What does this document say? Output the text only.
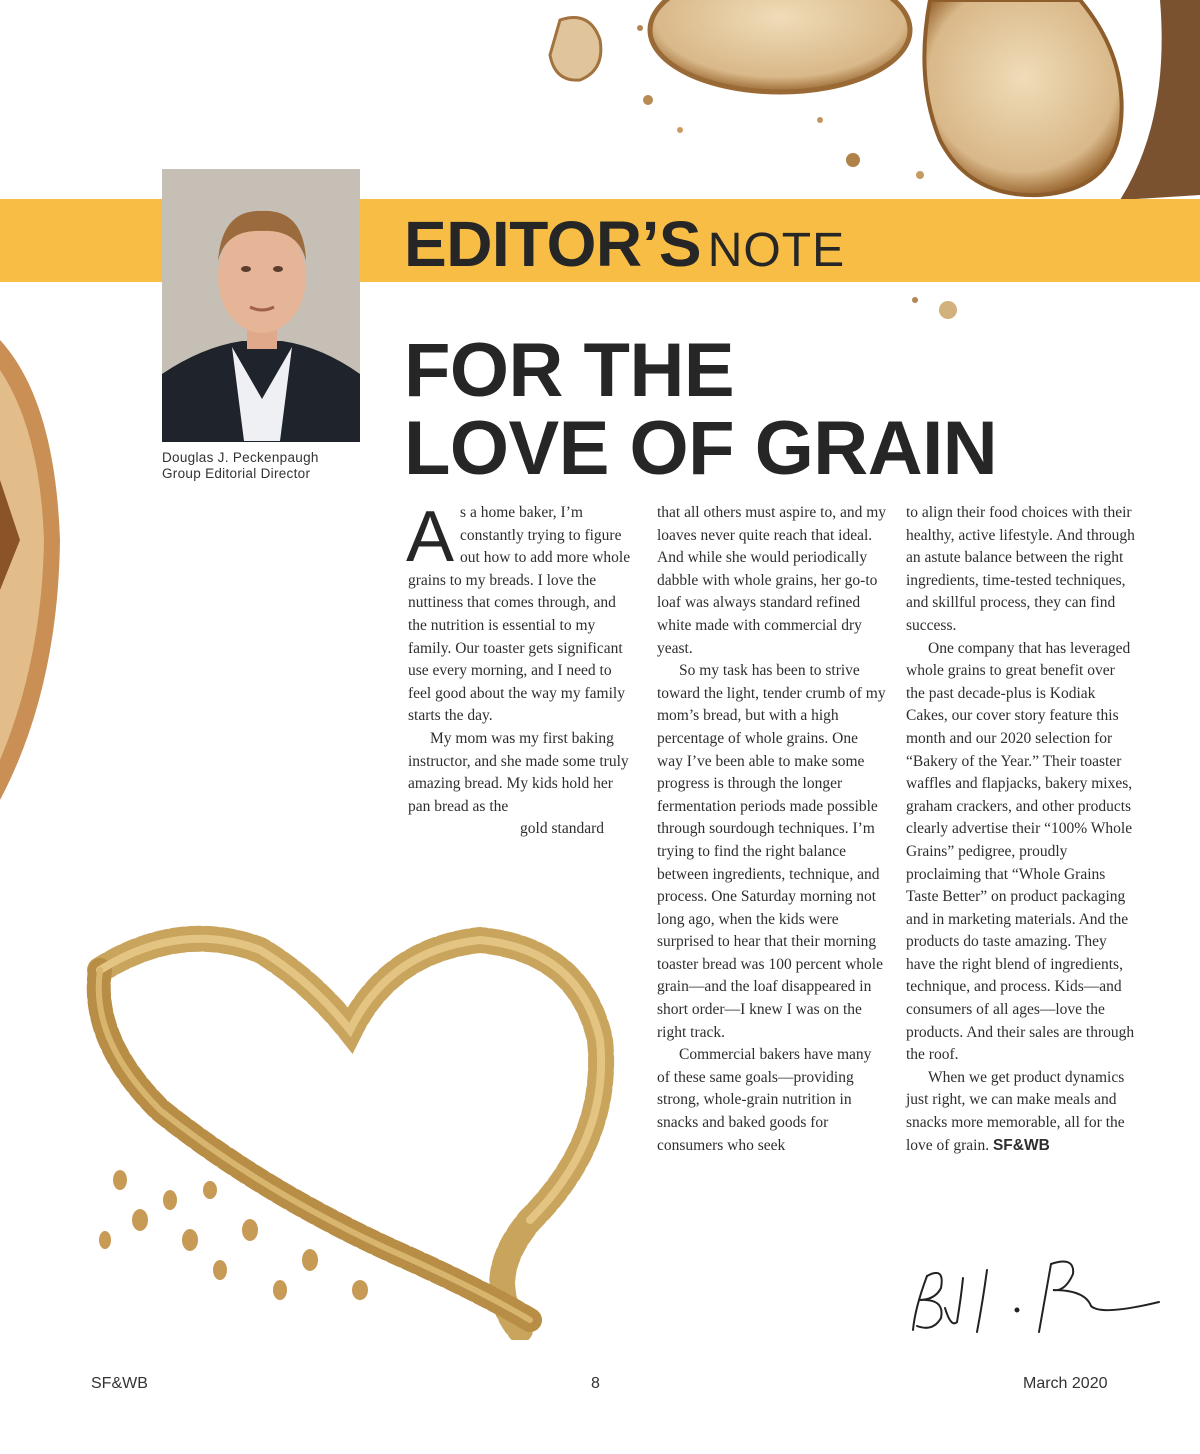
EDITOR’S NOTE
Douglas J. Peckenpaugh
Group Editorial Director
FOR THE
LOVE OF GRAIN

As a home baker, I’m constantly trying to figure out how to add more whole grains to my breads. I love the nuttiness that comes through, and the nutrition is essential to my family. Our toaster gets significant use every morning, and I need to feel good about the way my family starts the day.

My mom was my first baking instructor, and she made some truly amazing bread. My kids hold her pan bread as the
gold standard

that all others must aspire to, and my loaves never quite reach that ideal. And while she would periodically dabble with whole grains, her go-to loaf was always standard refined white made with commercial dry yeast.

So my task has been to strive toward the light, tender crumb of my mom’s bread, but with a high percentage of whole grains. One way I’ve been able to make some progress is through the longer fermentation periods made possible through sourdough techniques. I’m trying to find the right balance between ingredients, technique, and process. One Saturday morning not long ago, when the kids were surprised to hear that their morning toaster bread was 100 percent whole grain—and the loaf disappeared in short order—I knew I was on the right track.

Commercial bakers have many of these same goals—providing strong, whole-grain nutrition in snacks and baked goods for consumers who seek

to align their food choices with their healthy, active lifestyle. And through an astute balance between the right ingredients, time-tested techniques, and skillful process, they can find success.

One company that has leveraged whole grains to great benefit over the past decade-plus is Kodiak Cakes, our cover story feature this month and our 2020 selection for “Bakery of the Year.” Their toaster waffles and flapjacks, bakery mixes, graham crackers, and other products clearly advertise their “100% Whole Grains” pedigree, proudly proclaiming that “Whole Grains Taste Better” on product packaging and in marketing materials. And the products do taste amazing. They have the right blend of ingredients, technique, and process. Kids—and consumers of all ages—love the products. And their sales are through the roof.

When we get product dynamics just right, we can make meals and snacks more memorable, all for the love of grain. SF&WB

SF&WB	8	March 2020
